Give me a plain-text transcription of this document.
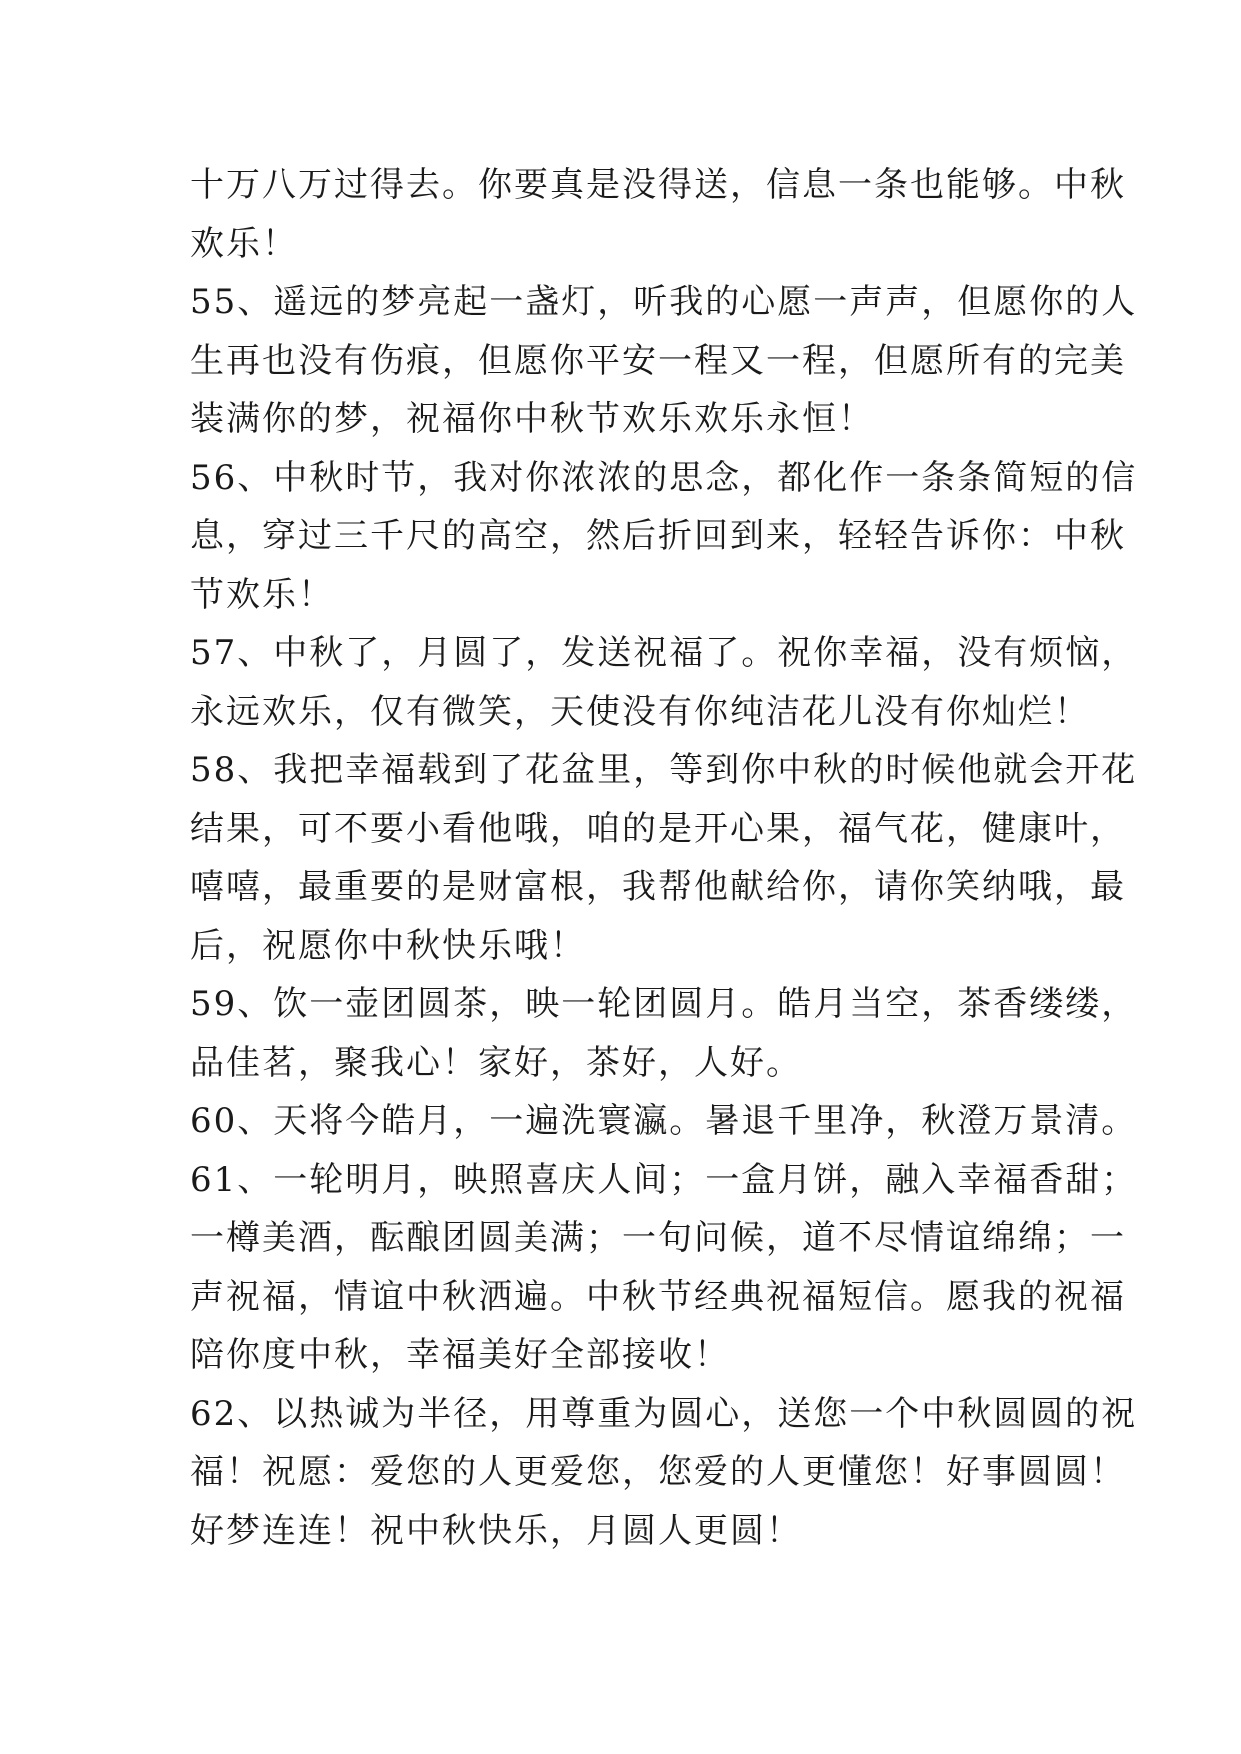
十万八万过得去。你要真是没得送，信息一条也能够。中秋
欢乐！
55、遥远的梦亮起一盏灯，听我的心愿一声声，但愿你的人
生再也没有伤痕，但愿你平安一程又一程，但愿所有的完美
装满你的梦，祝福你中秋节欢乐欢乐永恒！
56、中秋时节，我对你浓浓的思念，都化作一条条简短的信
息，穿过三千尺的高空，然后折回到来，轻轻告诉你：中秋
节欢乐！
57、中秋了，月圆了，发送祝福了。祝你幸福，没有烦恼，
永远欢乐，仅有微笑，天使没有你纯洁花儿没有你灿烂！
58、我把幸福载到了花盆里，等到你中秋的时候他就会开花
结果，可不要小看他哦，咱的是开心果，福气花，健康叶，
嘻嘻，最重要的是财富根，我帮他献给你，请你笑纳哦，最
后，祝愿你中秋快乐哦！
59、饮一壶团圆茶，映一轮团圆月。皓月当空，茶香缕缕，
品佳茗，聚我心！家好，茶好，人好。
60、天将今皓月，一遍洗寰瀛。暑退千里净，秋澄万景清。
61、一轮明月，映照喜庆人间；一盒月饼，融入幸福香甜；
一樽美酒，酝酿团圆美满；一句问候，道不尽情谊绵绵；一
声祝福，情谊中秋洒遍。中秋节经典祝福短信。愿我的祝福
陪你度中秋，幸福美好全部接收！
62、以热诚为半径，用尊重为圆心，送您一个中秋圆圆的祝
福！祝愿：爱您的人更爱您，您爱的人更懂您！好事圆圆！
好梦连连！祝中秋快乐，月圆人更圆！
